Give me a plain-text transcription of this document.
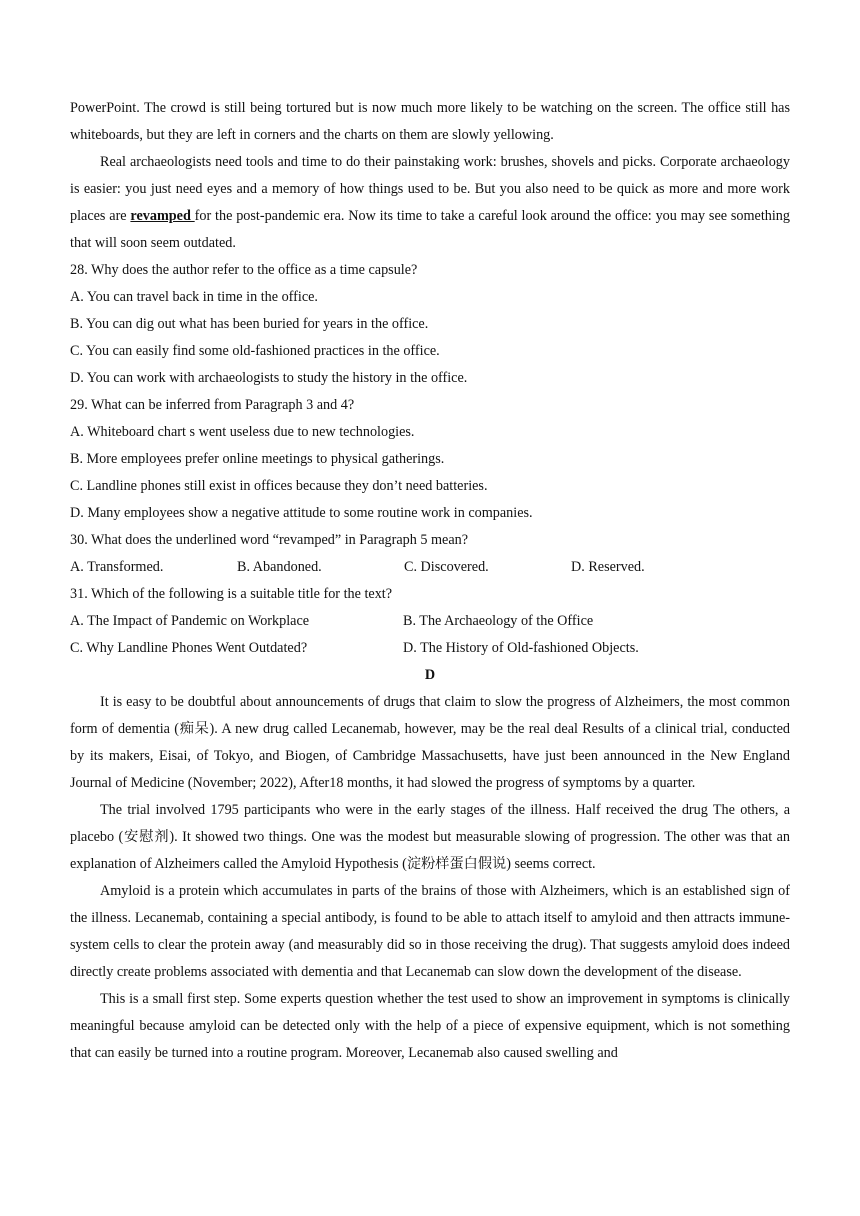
PowerPoint. The crowd is still being tortured but is now much more likely to be watching on the screen. The office still has whiteboards, but they are left in corners and the charts on them are slowly yellowing.

Real archaeologists need tools and time to do their painstaking work: brushes, shovels and picks. Corporate archaeology is easier: you just need eyes and a memory of how things used to be. But you also need to be quick as more and more work places are revamped for the post-pandemic era. Now its time to take a careful look around the office: you may see something that will soon seem outdated.

28. Why does the author refer to the office as a time capsule?

A. You can travel back in time in the office.

B. You can dig out what has been buried for years in the office.

C. You can easily find some old-fashioned practices in the office.

D. You can work with archaeologists to study the history in the office.

29. What can be inferred from Paragraph 3 and 4?

A. Whiteboard chart s went useless due to new technologies.

B. More employees prefer online meetings to physical gatherings.

C. Landline phones still exist in offices because they don’t need batteries.

D. Many employees show a negative attitude to some routine work in companies.

30. What does the underlined word “revamped” in Paragraph 5 mean?

A. Transformed.	B. Abandoned.	C. Discovered.	D. Reserved.

31. Which of the following is a suitable title for the text?

A. The Impact of Pandemic on Workplace	B. The Archaeology of the Office
C. Why Landline Phones Went Outdated?	D. The History of Old-fashioned Objects.

D

It is easy to be doubtful about announcements of drugs that claim to slow the progress of Alzheimers, the most common form of dementia (痴呆). A new drug called Lecanemab, however, may be the real deal Results of a clinical trial, conducted by its makers, Eisai, of Tokyo, and Biogen, of Cambridge Massachusetts, have just been announced in the New England Journal of Medicine (November; 2022), After18 months, it had slowed the progress of symptoms by a quarter.

The trial involved 1795 participants who were in the early stages of the illness. Half received the drug The others, a placebo (安慰剂). It showed two things. One was the modest but measurable slowing of progression. The other was that an explanation of Alzheimers called the Amyloid Hypothesis (淀粉样蛋白假说) seems correct.

Amyloid is a protein which accumulates in parts of the brains of those with Alzheimers, which is an established sign of the illness. Lecanemab, containing a special antibody, is found to be able to attach itself to amyloid and then attracts immune-system cells to clear the protein away (and measurably did so in those receiving the drug). That suggests amyloid does indeed directly create problems associated with dementia and that Lecanemab can slow down the development of the disease.

This is a small first step. Some experts question whether the test used to show an improvement in symptoms is clinically meaningful because amyloid can be detected only with the help of a piece of expensive equipment, which is not something that can easily be turned into a routine program. Moreover, Lecanemab also caused swelling and
